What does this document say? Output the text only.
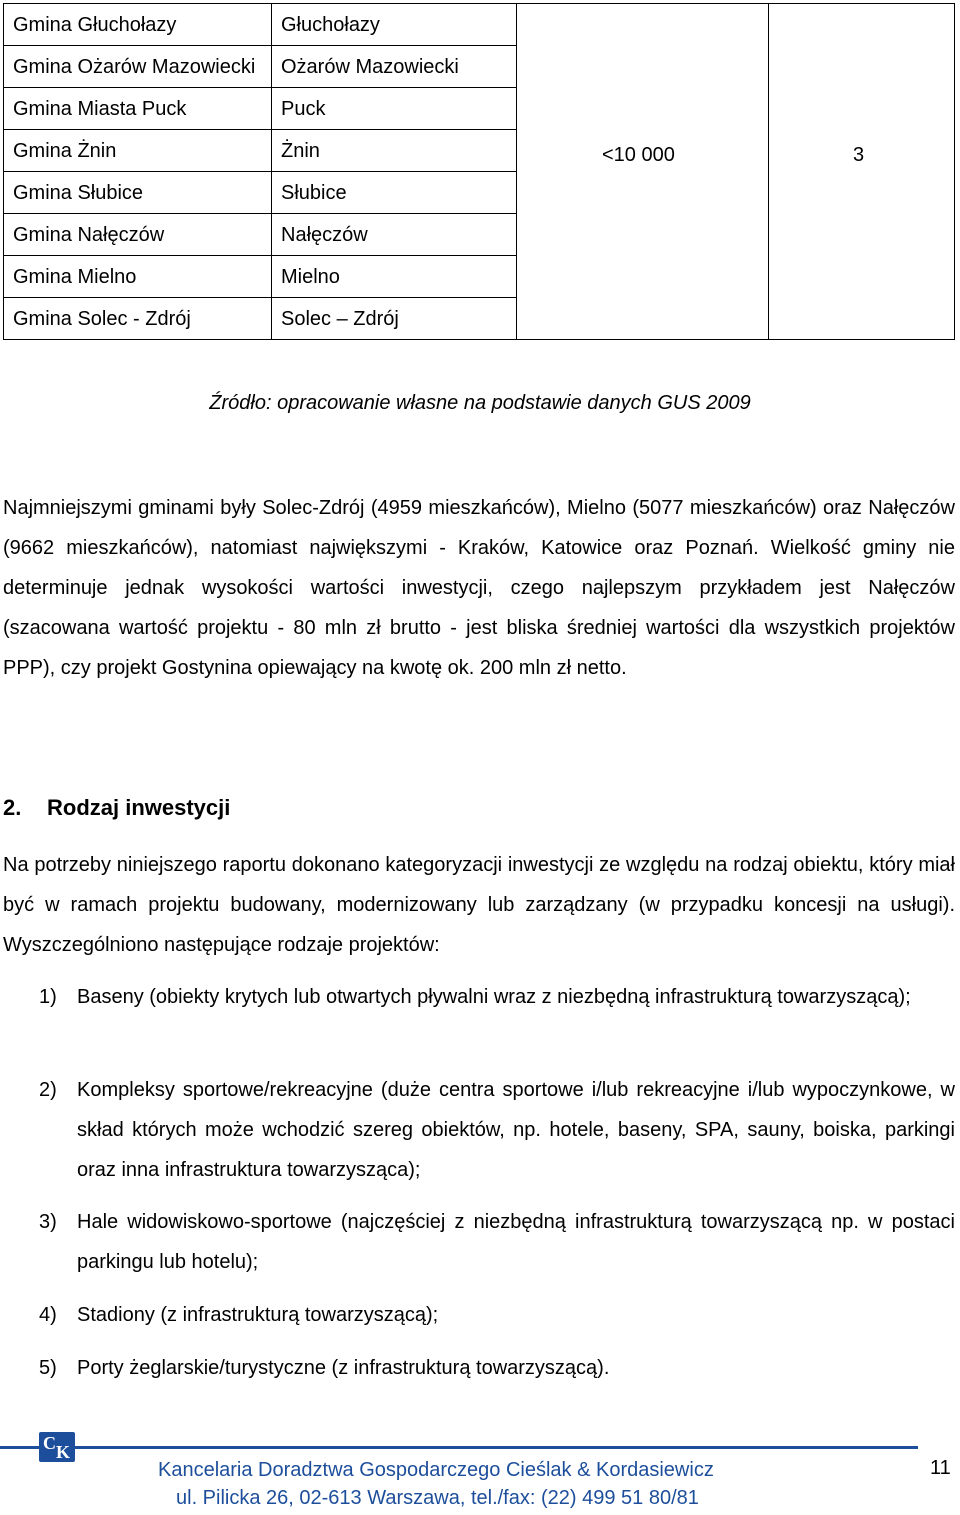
Gmina Głuchołazy	Głuchołazy	<10 000	3

Gmina Ożarów Mazowiecki	Ożarów Mazowiecki		
Gmina Miasta Puck	Puck		
Gmina Żnin	Żnin		
Gmina Słubice	Słubice		
Gmina Nałęczów	Nałęczów		
Gmina Mielno	Mielno		
Gmina Solec - Zdrój	Solec – Zdrój		
Źródło: opracowanie własne na podstawie danych GUS 2009

Najmniejszymi gminami były Solec-Zdrój (4959 mieszkańców), Mielno (5077 mieszkańców) oraz Nałęczów (9662 mieszkańców), natomiast największymi - Kraków, Katowice oraz Poznań. Wielkość gminy nie determinuje jednak wysokości wartości inwestycji, czego najlepszym przykładem jest Nałęczów (szacowana wartość projektu - 80 mln zł brutto - jest bliska średniej wartości dla wszystkich projektów PPP), czy projekt Gostynina opiewający na kwotę ok. 200 mln zł netto.

2. Rodzaj inwestycji

Na potrzeby niniejszego raportu dokonano kategoryzacji inwestycji ze względu na rodzaj obiektu, który miał być w ramach projektu budowany, modernizowany lub zarządzany (w przypadku koncesji na usługi). Wyszczególniono następujące rodzaje projektów:

1)	Baseny (obiekty krytych lub otwartych pływalni wraz z niezbędną infrastrukturą towarzyszącą);
2)	Kompleksy sportowe/rekreacyjne (duże centra sportowe i/lub rekreacyjne i/lub wypoczynkowe, w skład których może wchodzić szereg obiektów, np. hotele, baseny, SPA, sauny, boiska, parkingi oraz inna infrastruktura towarzysząca);
3)	Hale widowiskowo-sportowe (najczęściej z niezbędną infrastrukturą towarzyszącą np. w postaci parkingu lub hotelu);
4)	Stadiony (z infrastrukturą towarzyszącą);
5)	Porty żeglarskie/turystyczne (z infrastrukturą towarzyszącą).
C K
Kancelaria Doradztwa Gospodarczego Cieślak & Kordasiewicz
ul. Pilicka 26, 02-613 Warszawa, tel./fax: (22) 499 51 80/81
11
